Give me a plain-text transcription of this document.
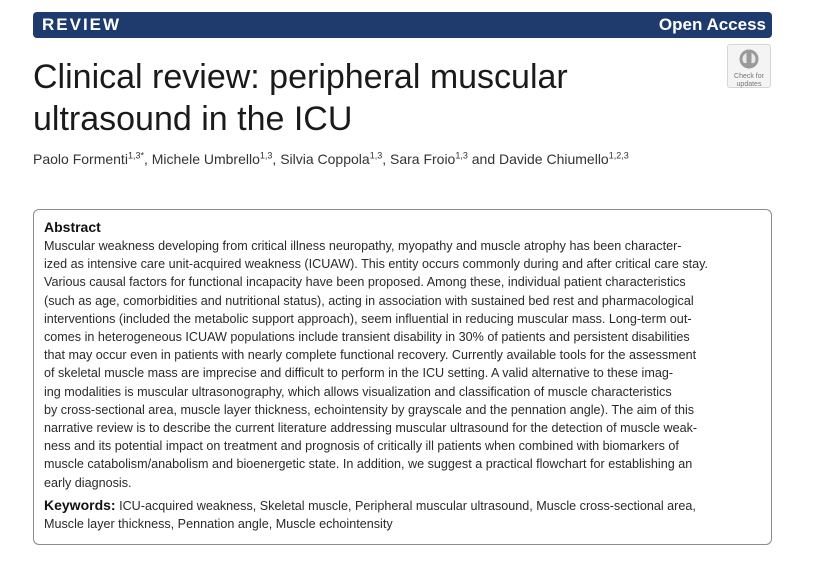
REVIEW	Open Access
Clinical review: peripheral muscular
ultrasound in the ICU
Check for
updates
Paolo Formenti$^{1,3*}$, Michele Umbrello$^{1,3}$, Silvia Coppola$^{1,3}$, Sara Froio$^{1,3}$ and Davide Chiumello$^{1,2,3}$
Abstract
Muscular weakness developing from critical illness neuropathy, myopathy and muscle atrophy has been character-
ized as intensive care unit-acquired weakness (ICUAW). This entity occurs commonly during and after critical care stay.
Various causal factors for functional incapacity have been proposed. Among these, individual patient characteristics
(such as age, comorbidities and nutritional status), acting in association with sustained bed rest and pharmacological
interventions (included the metabolic support approach), seem influential in reducing muscular mass. Long-term out-
comes in heterogeneous ICUAW populations include transient disability in 30% of patients and persistent disabilities
that may occur even in patients with nearly complete functional recovery. Currently available tools for the assessment
of skeletal muscle mass are imprecise and difficult to perform in the ICU setting. A valid alternative to these imag-
ing modalities is muscular ultrasonography, which allows visualization and classification of muscle characteristics
by cross-sectional area, muscle layer thickness, echointensity by grayscale and the pennation angle). The aim of this
narrative review is to describe the current literature addressing muscular ultrasound for the detection of muscle weak-
ness and its potential impact on treatment and prognosis of critically ill patients when combined with biomarkers of
muscle catabolism/anabolism and bioenergetic state. In addition, we suggest a practical flowchart for establishing an
early diagnosis.
Keywords: ICU-acquired weakness, Skeletal muscle, Peripheral muscular ultrasound, Muscle cross-sectional area,
Muscle layer thickness, Pennation angle, Muscle echointensity
